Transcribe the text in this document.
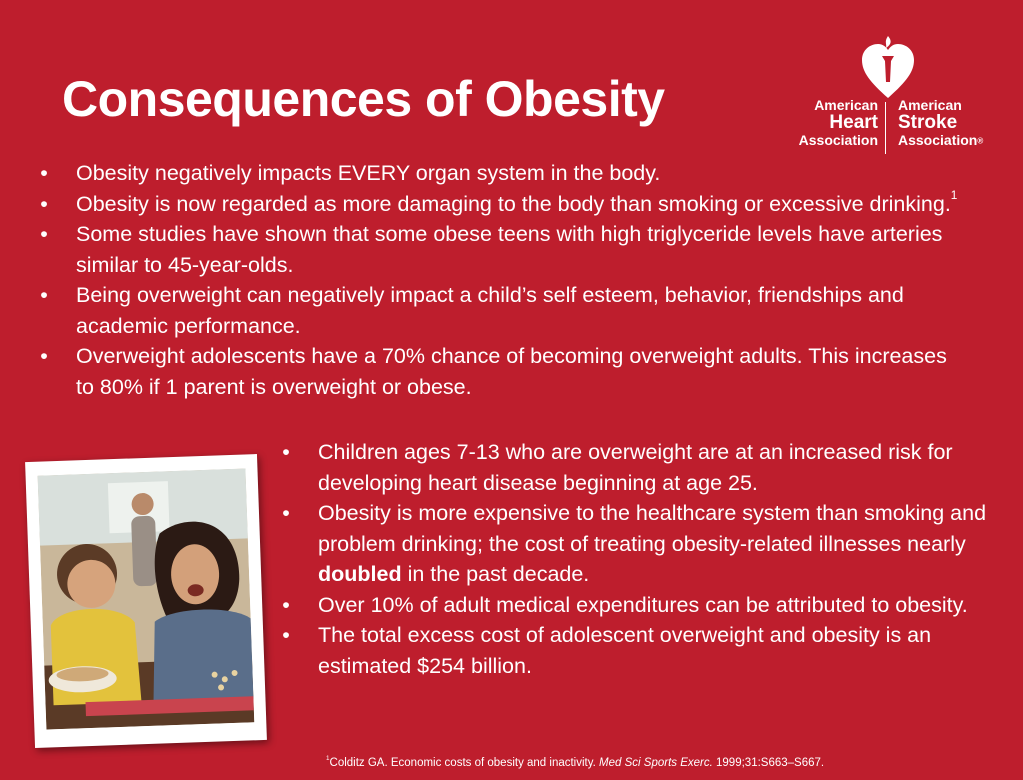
Consequences of Obesity	American
Heart
Association
American
Stroke
Association®
• Obesity negatively impacts EVERY organ system in the body.
• Obesity is now regarded as more damaging to the body than smoking or excessive drinking.$^1$
• Some studies have shown that some obese teens with high triglyceride levels have arteries similar to 45-year-olds.
• Being overweight can negatively impact a child’s self esteem, behavior, friendships and academic performance.
• Overweight adolescents have a 70% chance of becoming overweight adults. This increases to 80% if 1 parent is overweight or obese.
• Children ages 7-13 who are overweight are at an increased risk for developing heart disease beginning at age 25.
• Obesity is more expensive to the healthcare system than smoking and problem drinking; the cost of treating obesity-related illnesses nearly doubled in the past decade.
• Over 10% of adult medical expenditures can be attributed to obesity.
• The total excess cost of adolescent overweight and obesity is an estimated $254 billion.
$^1$Colditz GA. Economic costs of obesity and inactivity. Med Sci Sports Exerc. 1999;31:S663–S667.
